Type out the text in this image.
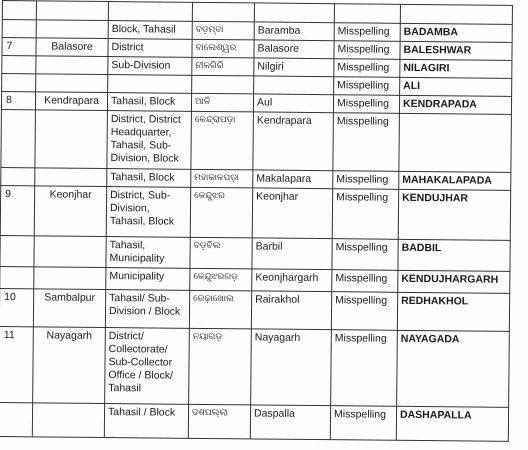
		Block, Tahasil	ବଡ଼ମ୍ବା	Baramba	Misspelling	BADAMBA
7	Balasore	District	ବାଲେଶ୍ୱର	Balasore	Misspelling	BALESHWAR
		Sub-Division	ନୀଳଗିରି	Nilgiri	Misspelling	NILAGIRI
					Misspelling	ALI
8	Kendrapara	Tahasil, Block	ଆଳି	Aul	Misspelling	KENDRAPADA
		District, District Headquarter, Tahasil, Sub-Division, Block	କେନ୍ଦ୍ରାପଡ଼ା	Kendrapara	Misspelling	
		Tahasil, Block	ମହାକାଳପଡ଼ା	Makalapara	Misspelling	MAHAKALAPADA
9	Keonjhar	District, Sub-Division, Tahasil, Block	କେନ୍ଦୁଝର	Keonjhar	Misspelling	KENDUJHAR
		Tahasil, Municipality	ବଡ଼ବିଲ	Barbil	Misspelling	BADBIL
		Municipality	କେନ୍ଦୁଝରଗଡ଼	Keonjhargarh	Misspelling	KENDUJHARGARH
10	Sambalpur	Tahasil/ Sub-Division / Block	ରେଢ଼ାଖୋଲ	Rairakhol	Misspelling	REDHAKHOL
11	Nayagarh	District/ Collectorate/ Sub-Collector Office / Block/ Tahasil	ନୟାଗଡ଼	Nayagarh	Misspelling	NAYAGADA
		Tahasil / Block	ଦଶପଲ୍ଲା	Daspalla	Misspelling	DASHAPALLA
